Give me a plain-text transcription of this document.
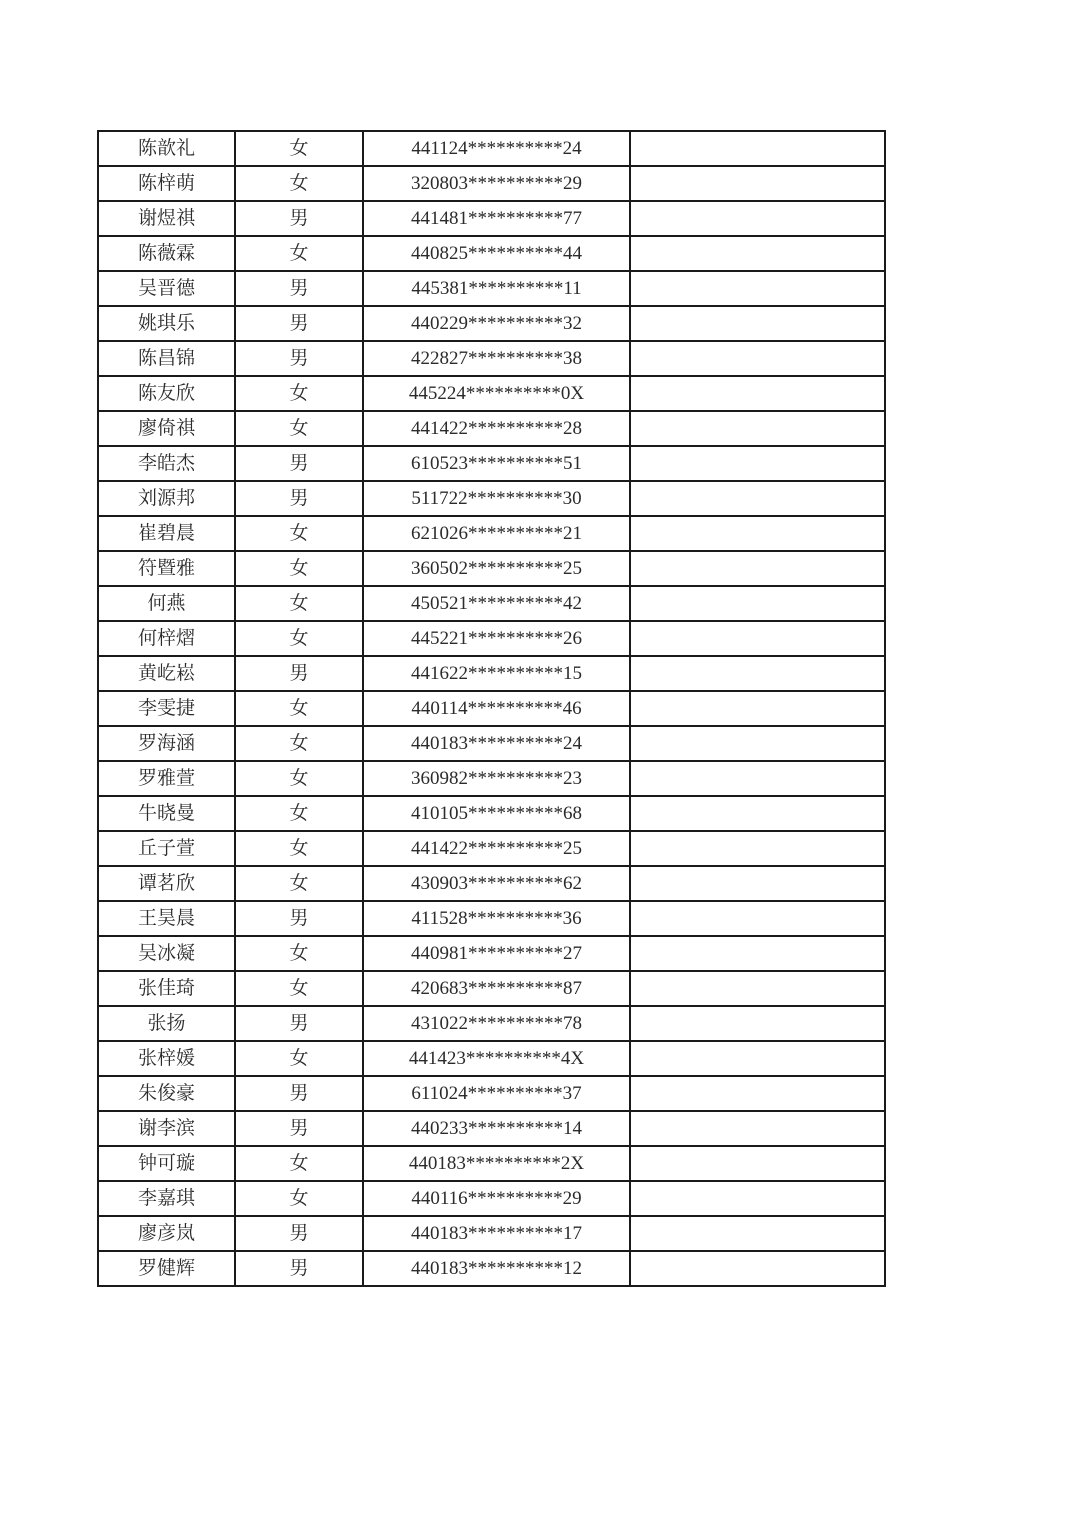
陈歆礼	女	441124**********24	
陈梓萌	女	320803**********29	
谢煜祺	男	441481**********77	
陈薇霖	女	440825**********44	
吴晋德	男	445381**********11	
姚琪乐	男	440229**********32	
陈昌锦	男	422827**********38	
陈友欣	女	445224**********0X	
廖倚祺	女	441422**********28	
李皓杰	男	610523**********51	
刘源邦	男	511722**********30	
崔碧晨	女	621026**********21	
符暨雅	女	360502**********25	
何燕	女	450521**********42	
何梓熠	女	445221**********26	
黄屹崧	男	441622**********15	
李雯捷	女	440114**********46	
罗海涵	女	440183**********24	
罗雅萱	女	360982**********23	
牛晓曼	女	410105**********68	
丘子萱	女	441422**********25	
谭茗欣	女	430903**********62	
王昊晨	男	411528**********36	
吴冰凝	女	440981**********27	
张佳琦	女	420683**********87	
张扬	男	431022**********78	
张梓媛	女	441423**********4X	
朱俊豪	男	611024**********37	
谢李滨	男	440233**********14	
钟可璇	女	440183**********2X	
李嘉琪	女	440116**********29	
廖彦岚	男	440183**********17	
罗健辉	男	440183**********12	
